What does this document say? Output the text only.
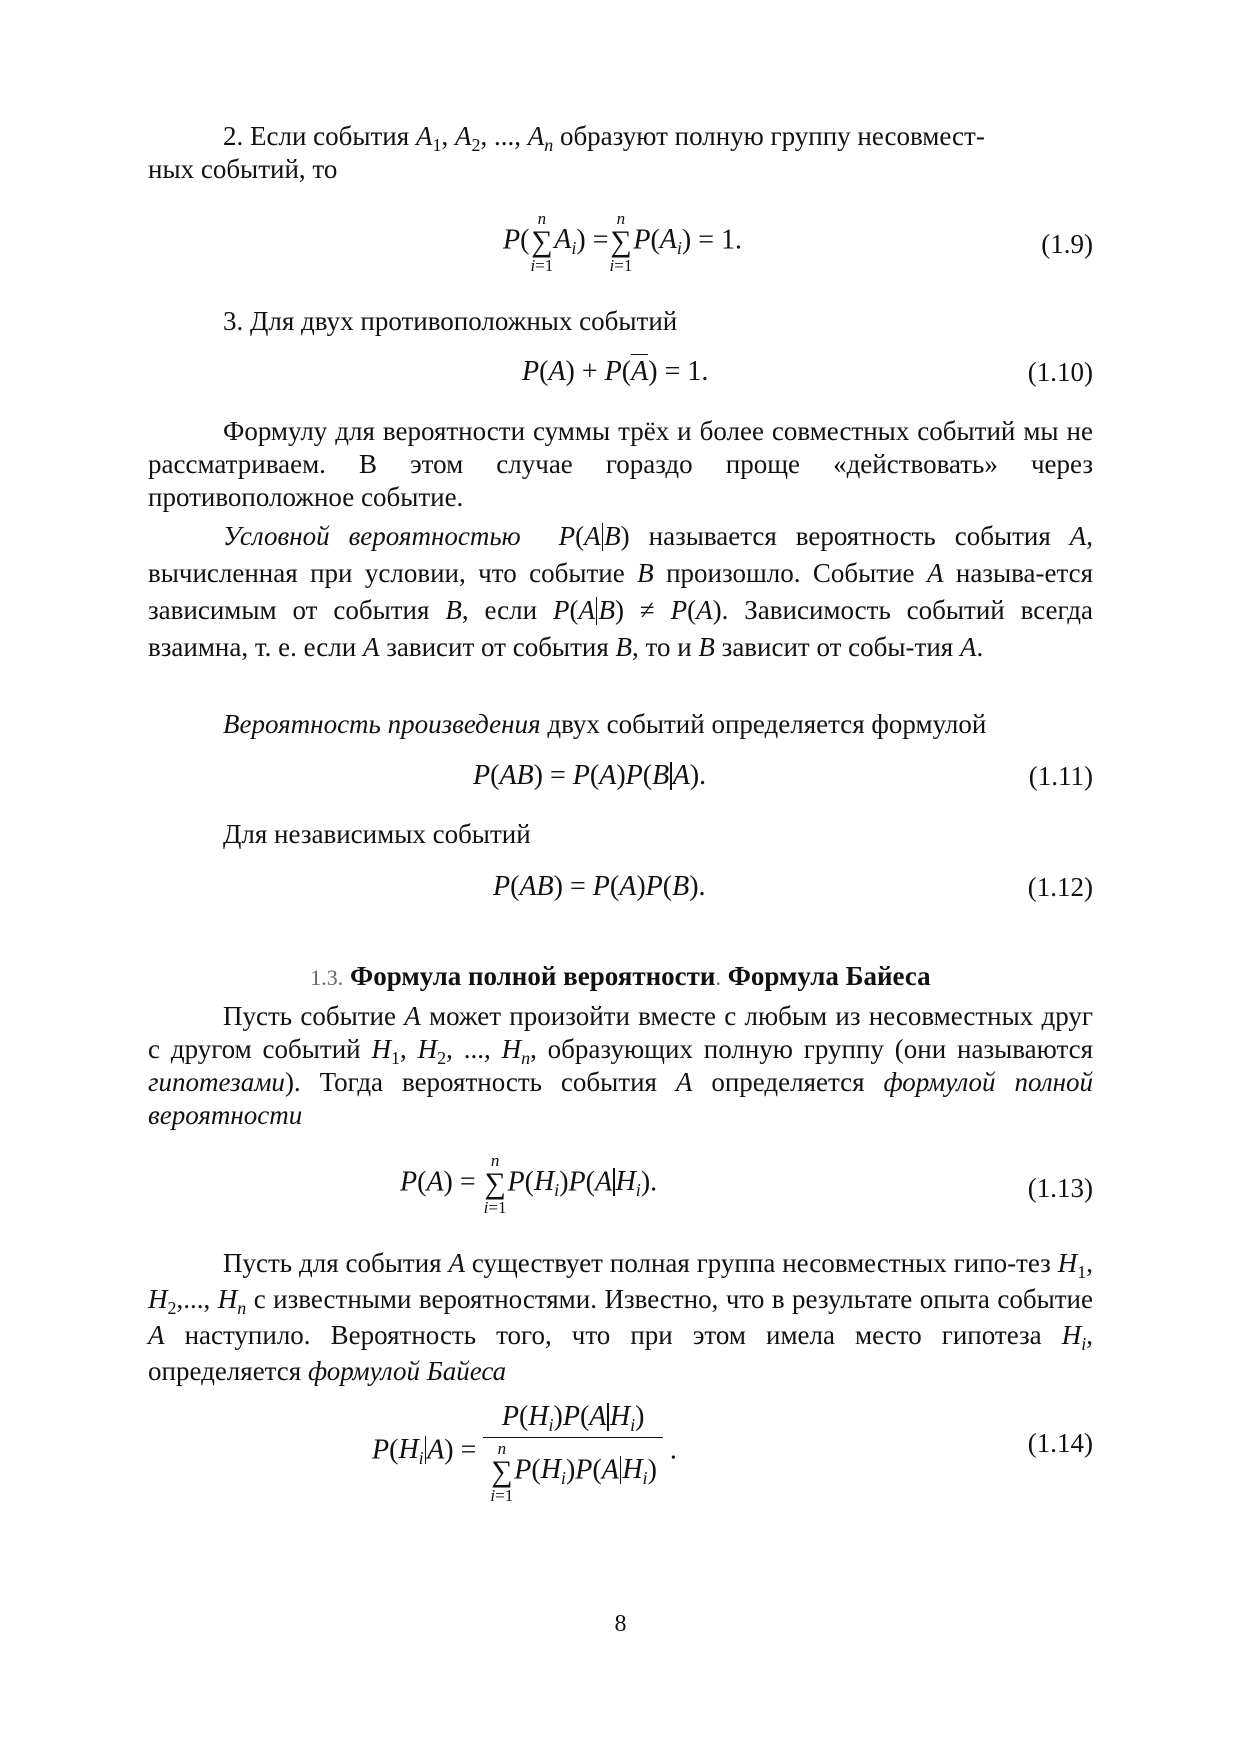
2. Если события $A_1$, $A_2$, ..., $A_n$ образуют полную группу несовмест-

ных событий, то

P(
n
∑
i=1
$A_i$) =
n
∑
i=1
$P(A_i) = 1$.	(1.9)

3. Для двух противоположных событий

P(A) + P(A) = 1.	(1.10)

Формулу для вероятности суммы трёх и более совместных событий мы не рассматриваем. В этом случае гораздо проще «действовать» через противоположное событие.

Условной вероятностью P(A B) называется вероятность события A, вычисленная при условии, что событие B произошло. Событие A называ-ется зависимым от события B, если P(A B) ≠ P(A). Зависимость событий всегда взаимна, т. е. если A зависит от события B, то и B зависит от собы-тия A.

Вероятность произведения двух событий определяется формулой

P(AB) = P(A)P(B A).	(1.11)

Для независимых событий

P(AB) = P(A)P(B).	(1.12)
1.3. Формула полной вероятности. Формула Байеса

Пусть событие A может произойти вместе с любым из несовместных друг с другом событий $H_1$, $H_2$, ..., $H_n$, образующих полную группу (они называются гипотезами). Тогда вероятность события A определяется формулой полной вероятности

P(A) =
n
∑
i=1
$P(H_i)P(A$ $H_i$).	(1.13)

Пусть для события A существует полная группа несовместных гипо-тез $H_1$, $H_2$,..., $H_n$ с известными вероятностями. Известно, что в результате опыта событие A наступило. Вероятность того, что при этом имела место гипотеза $H_i$, определяется формулой Байеса

$P(H_i$ $A) = P(H_i)P(A$ $H_i$)
n
∑
i=1
$P(H_i)P(A$ $H_i$) .	(1.14)
8
